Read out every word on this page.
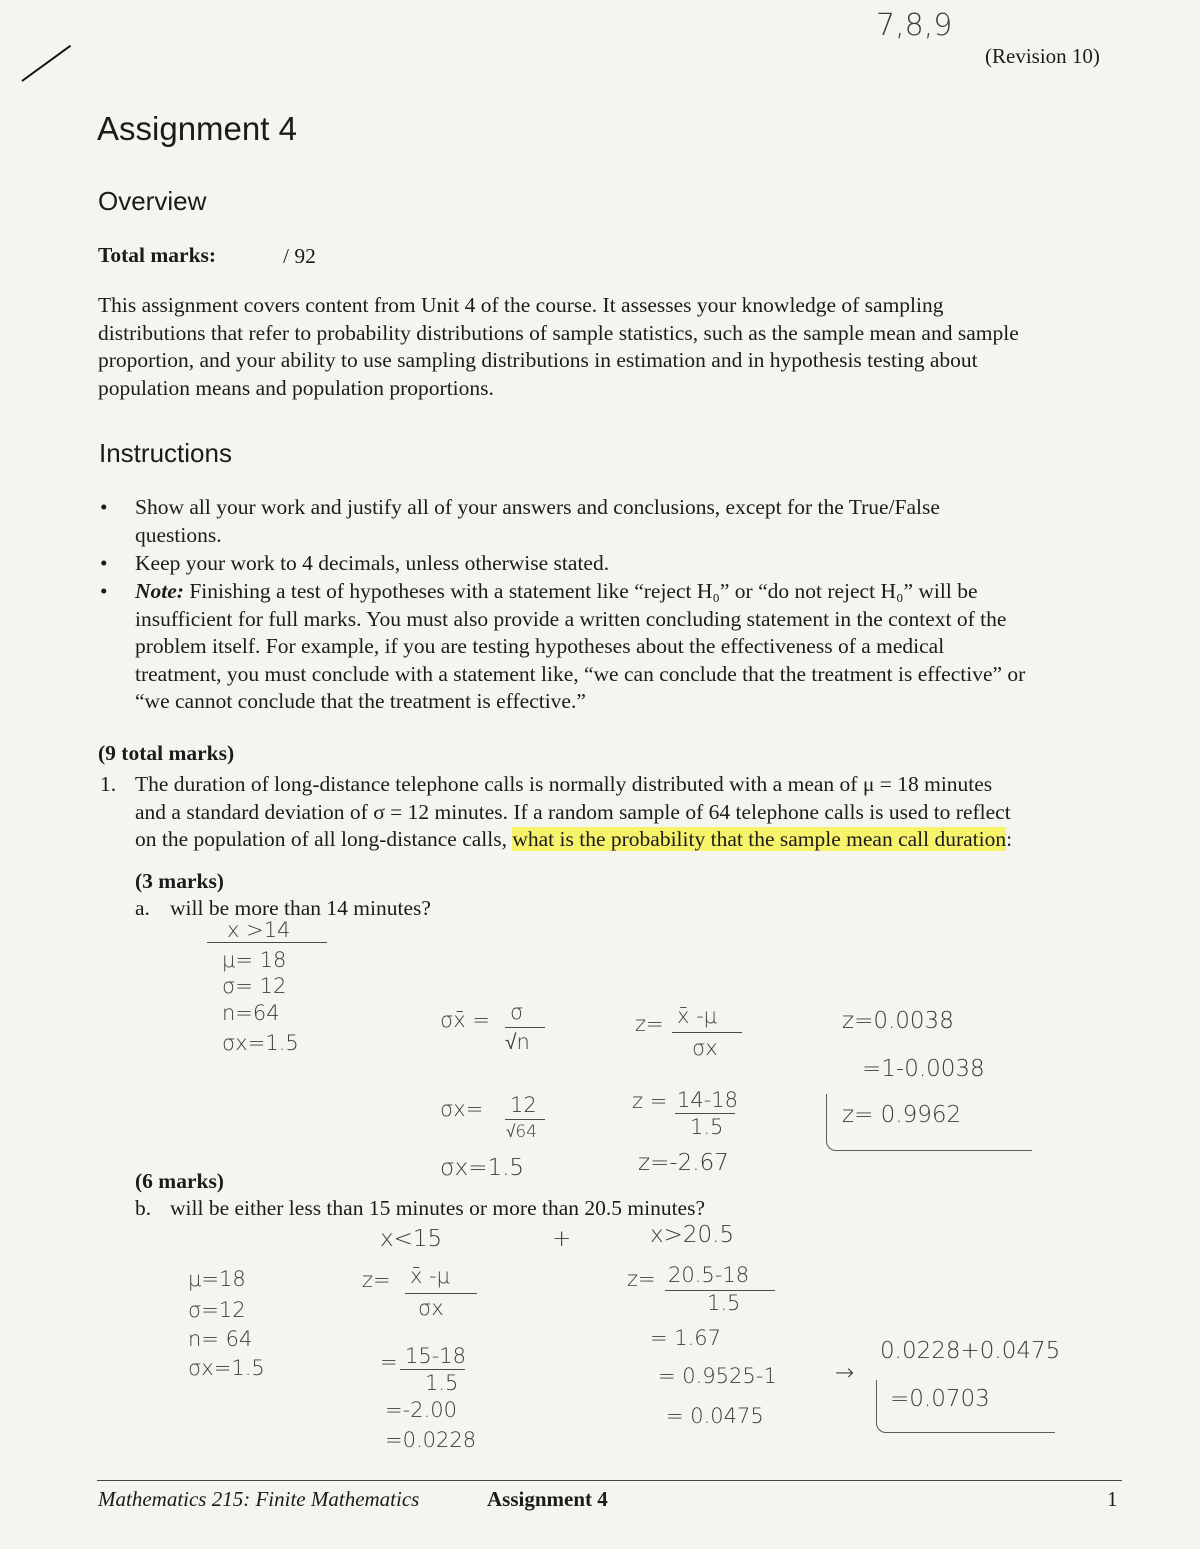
7,8,9
(Revision 10)
Assignment 4
Overview
Total marks:	/ 92
This assignment covers content from Unit 4 of the course. It assesses your knowledge of sampling
distributions that refer to probability distributions of sample statistics, such as the sample mean and sample
proportion, and your ability to use sampling distributions in estimation and in hypothesis testing about
population means and population proportions.
Instructions
• Show all your work and justify all of your answers and conclusions, except for the True/False
questions.
• Keep your work to 4 decimals, unless otherwise stated.
• Note: Finishing a test of hypotheses with a statement like “reject H₀” or “do not reject H₀” will be
insufficient for full marks. You must also provide a written concluding statement in the context of the
problem itself. For example, if you are testing hypotheses about the effectiveness of a medical
treatment, you must conclude with a statement like, “we can conclude that the treatment is effective” or
“we cannot conclude that the treatment is effective.”
(9 total marks)
1. The duration of long-distance telephone calls is normally distributed with a mean of μ = 18 minutes
and a standard deviation of σ = 12 minutes. If a random sample of 64 telephone calls is used to reflect
on the population of all long-distance calls, what is the probability that the sample mean call duration:
(3 marks)
a. will be more than 14 minutes?
x >14
μ= 18
σ= 12
n=64
σx=1.5
σx̄ = σ
√n
z= x̄ -μ
σx
z=0.0038
=1-0.0038
z= 0.9962
σx= 12
√64
z = 14-18
1.5
σx=1.5	z=-2.67
(6 marks)
b. will be either less than 15 minutes or more than 20.5 minutes?
x<15	+	x>20.5
μ=18
σ=12
n= 64
σx=1.5
z= x̄ -μ
σx
= 15-18
1.5
=-2.00
=0.0228
z= 20.5-18
1.5
= 1.67
= 0.9525-1
= 0.0475
→
0.0228+0.0475
=0.0703
Mathematics 215: Finite Mathematics	Assignment 4	1
